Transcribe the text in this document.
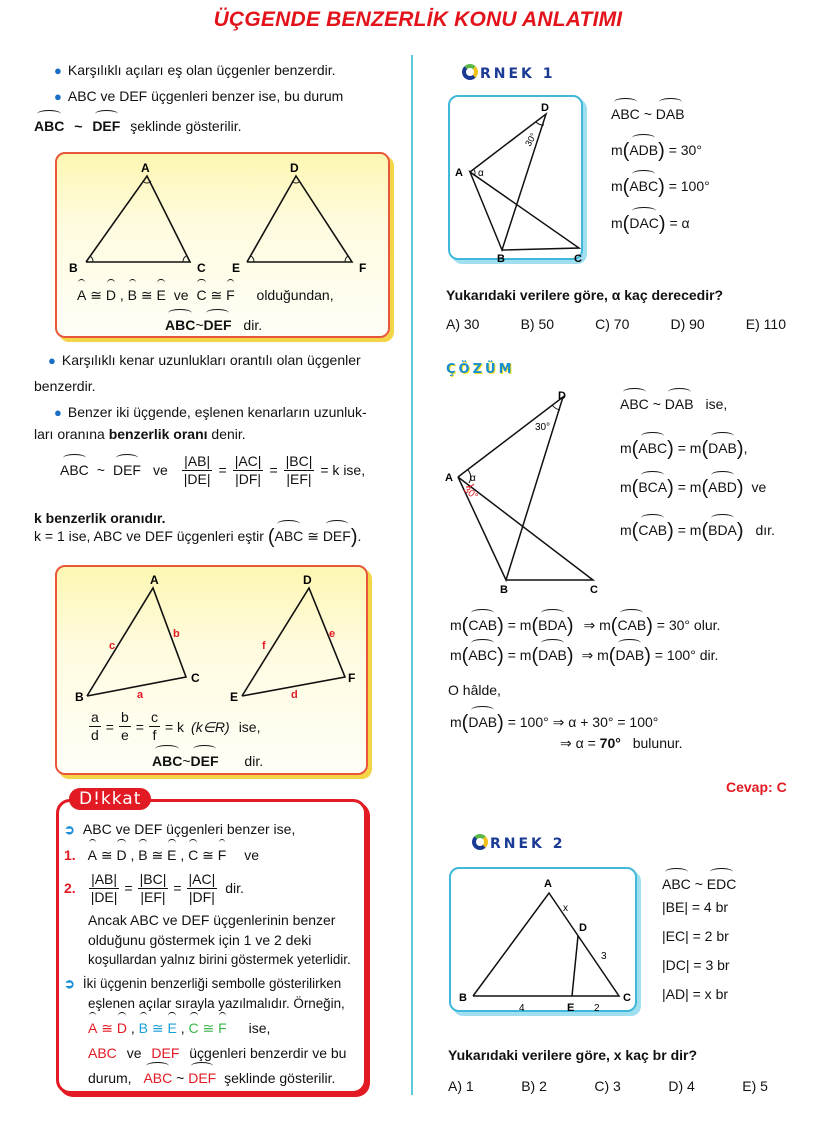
ÜÇGENDE BENZERLİK KONU ANLATIMI
● Karşılıklı açıları eş olan üçgenler benzerdir.
● ABC ve DEF üçgenleri benzer ise, bu durum
ABC ~ DEF şeklinde gösterilir.
A
B	C
D
E	F
A ≅ D , B ≅ E ve C ≅ F olduğundan,
ABC~DEF dir.
● Karşılıklı kenar uzunlukları orantılı olan üçgenler
benzerdir.
● Benzer iki üçgende, eşlenen kenarların uzunluk-
ları oranına benzerlik oranı denir.
ABC ~ DEF ve $\frac{|AB|}{|DE|} = \frac{|AC|}{|DF|} = \frac{|BC|}{|EF|} = k$ ise,
k benzerlik oranıdır.
k = 1 ise, ABC ve DEF üçgenleri eştir (ABC ≅ DEF).
A
B
C
D
E
F
a
b
c
d
e
f
$\frac{a}{d} = \frac{b}{e} = \frac{c}{f} = k$ (k∈R) ise,
ABC~DEF dir.
D!kkat
➲ ABC ve DEF üçgenleri benzer ise,
1. A ≅ D , B ≅ E , C ≅ F ve
2. $\frac{|AB|}{|DE|} = \frac{|BC|}{|EF|} = \frac{|AC|}{|DF|}$ dir.
Ancak ABC ve DEF üçgenlerinin benzer
olduğunu göstermek için 1 ve 2 deki
koşullardan yalnız birini göstermek yeterlidir.
➲ İki üçgenin benzerliği sembolle gösterilirken
eşlenen açılar sırayla yazılmalıdır. Örneğin,
A ≅ D , B ≅ E , C ≅ F ise,
ABC ve DEF üçgenleri benzerdir ve bu
durum, ABC ~ DEF şeklinde gösterilir.
RNEK 1
D
A
B	C
α
30°
ABC ~ DAB
m(ADB) = 30°
m(ABC) = 100°
m(DAC) = α
Yukarıdaki verilere göre, α kaç derecedir?
A) 30	B) 50	C) 70	D) 90	E) 110
ÇÖZÜM
D
A
B	C
30°
α
30°
ABC ~ DAB ise,
m(ABC) = m(DAB),
m(BCA) = m(ABD) ve
m(CAB) = m(BDA) dır.
m(CAB) = m(BDA) ⇒ m(CAB) = 30° olur.
m(ABC) = m(DAB) ⇒ m(DAB) = 100° dir.
O hâlde,
m(DAB) = 100° ⇒ α + 30° = 100°
⇒ α = 70° bulunur.
Cevap: C
RNEK 2
A
B	C
D
E
x
3
4	2
ABC ~ EDC
|BE| = 4 br
|EC| = 2 br
|DC| = 3 br
|AD| = x br
Yukarıdaki verilere göre, x kaç br dir?
A) 1	B) 2	C) 3	D) 4	E) 5
